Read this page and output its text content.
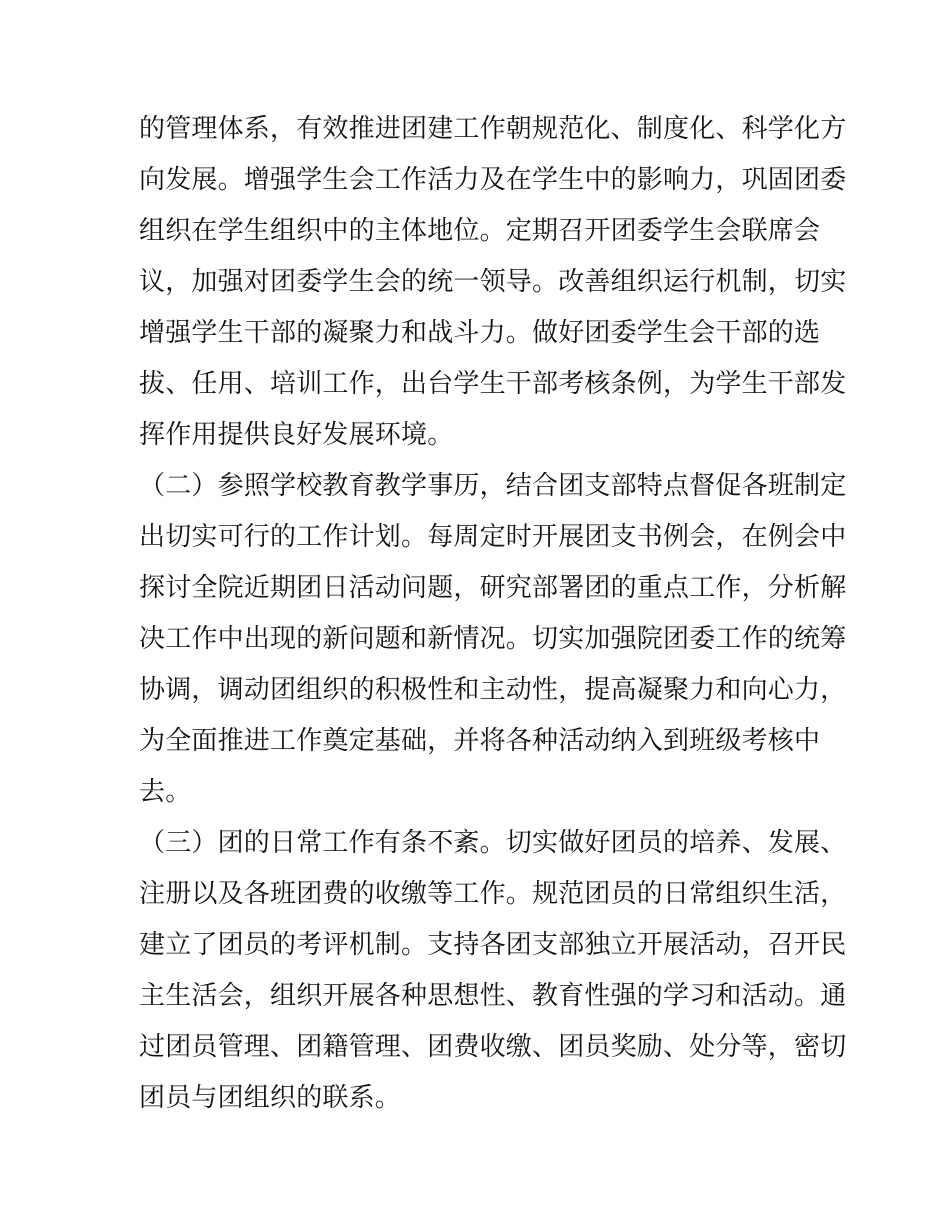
的管理体系，有效推进团建工作朝规范化、制度化、科学化方
向发展。增强学生会工作活力及在学生中的影响力，巩固团委
组织在学生组织中的主体地位。定期召开团委学生会联席会
议，加强对团委学生会的统一领导。改善组织运行机制，切实
增强学生干部的凝聚力和战斗力。做好团委学生会干部的选
拔、任用、培训工作，出台学生干部考核条例，为学生干部发
挥作用提供良好发展环境。
（二）参照学校教育教学事历，结合团支部特点督促各班制定
出切实可行的工作计划。每周定时开展团支书例会，在例会中
探讨全院近期团日活动问题，研究部署团的重点工作，分析解
决工作中出现的新问题和新情况。切实加强院团委工作的统筹
协调，调动团组织的积极性和主动性，提高凝聚力和向心力，
为全面推进工作奠定基础，并将各种活动纳入到班级考核中
去。
（三）团的日常工作有条不紊。切实做好团员的培养、发展、
注册以及各班团费的收缴等工作。规范团员的日常组织生活，
建立了团员的考评机制。支持各团支部独立开展活动，召开民
主生活会，组织开展各种思想性、教育性强的学习和活动。通
过团员管理、团籍管理、团费收缴、团员奖励、处分等，密切
团员与团组织的联系。
